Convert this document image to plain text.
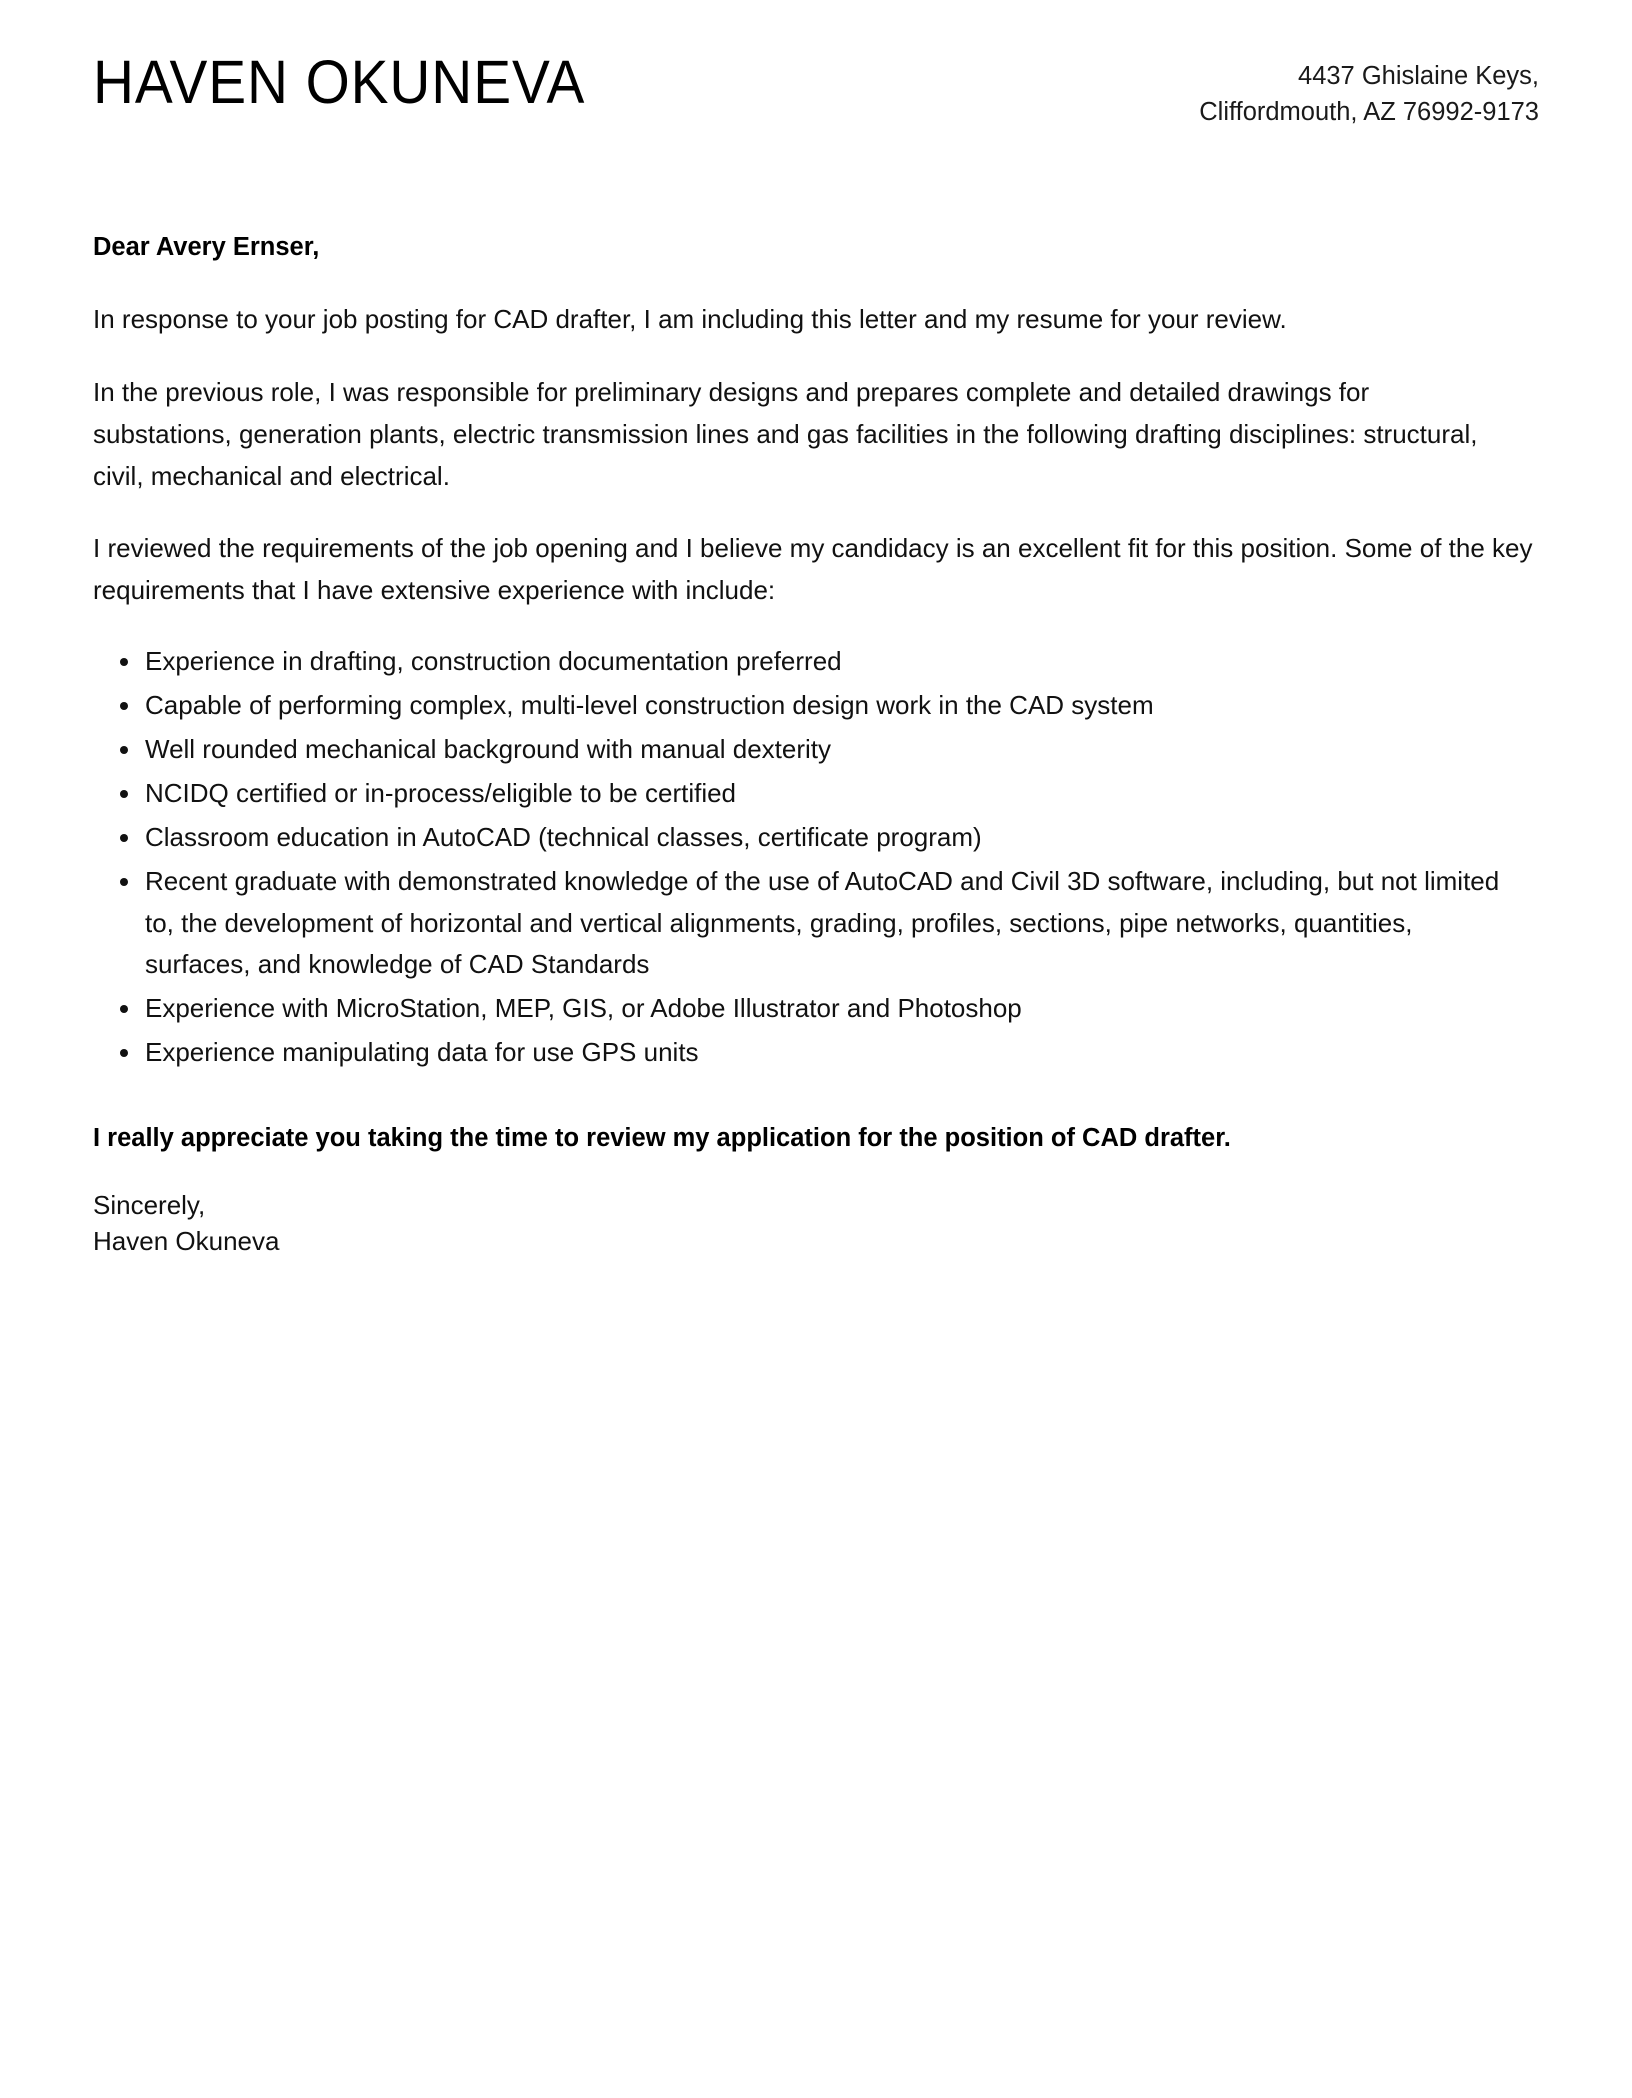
HAVEN OKUNEVA	4437 Ghislaine Keys,
Cliffordmouth, AZ 76992-9173

Dear Avery Ernser,

In response to your job posting for CAD drafter, I am including this letter and my resume for your review.

In the previous role, I was responsible for preliminary designs and prepares complete and detailed drawings for substations, generation plants, electric transmission lines and gas facilities in the following drafting disciplines: structural, civil, mechanical and electrical.

I reviewed the requirements of the job opening and I believe my candidacy is an excellent fit for this position. Some of the key requirements that I have extensive experience with include:

Experience in drafting, construction documentation preferred
Capable of performing complex, multi-level construction design work in the CAD system
Well rounded mechanical background with manual dexterity
NCIDQ certified or in-process/eligible to be certified
Classroom education in AutoCAD (technical classes, certificate program)
Recent graduate with demonstrated knowledge of the use of AutoCAD and Civil 3D software, including, but not limited to, the development of horizontal and vertical alignments, grading, profiles, sections, pipe networks, quantities, surfaces, and knowledge of CAD Standards
Experience with MicroStation, MEP, GIS, or Adobe Illustrator and Photoshop
Experience manipulating data for use GPS units

I really appreciate you taking the time to review my application for the position of CAD drafter.

Sincerely,
Haven Okuneva
